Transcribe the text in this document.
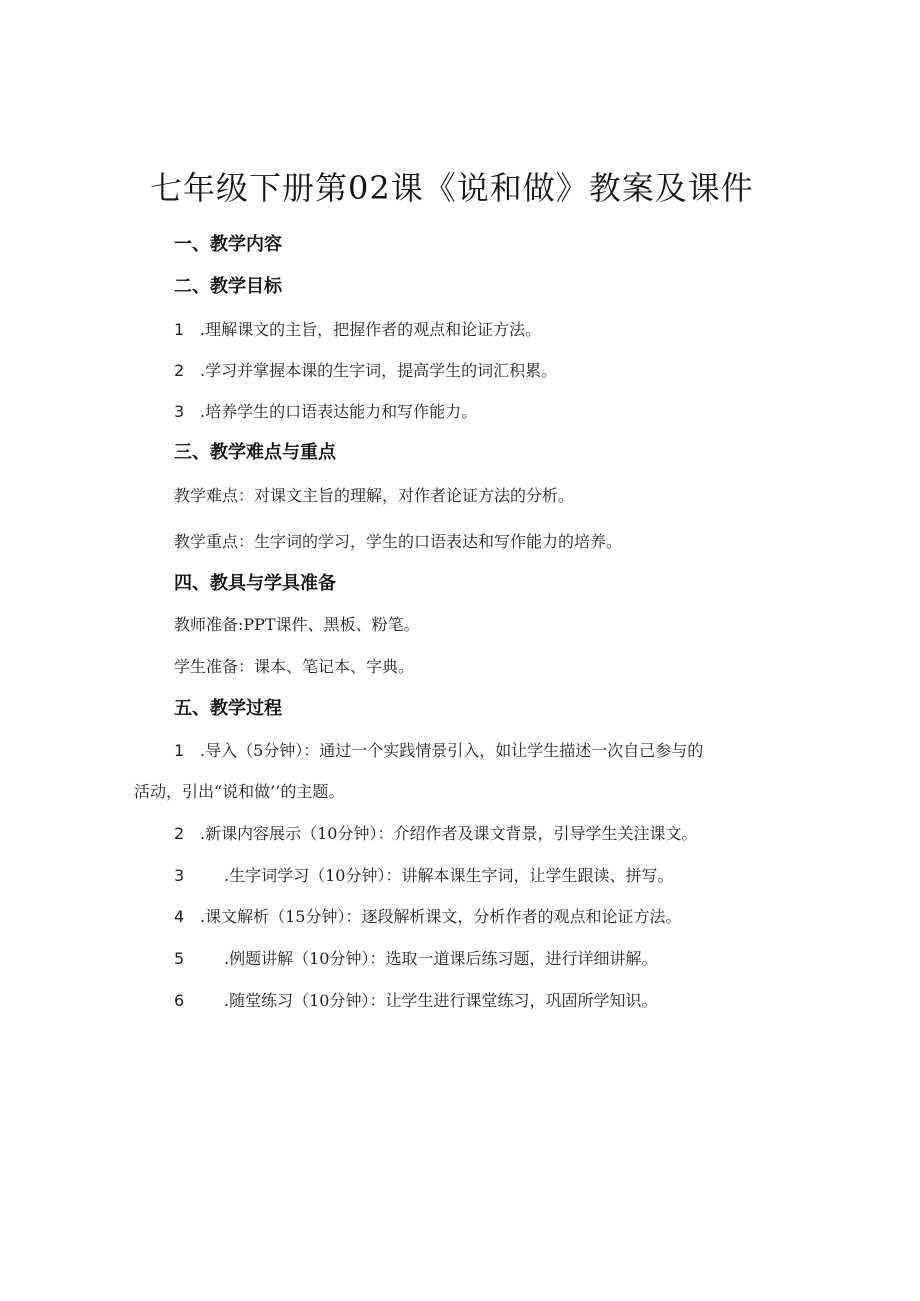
七年级下册第02课《说和做》教案及课件
一、教学内容
二、教学目标
1 .理解课文的主旨，把握作者的观点和论证方法。
2 .学习并掌握本课的生字词，提高学生的词汇积累。
3 .培养学生的口语表达能力和写作能力。
三、教学难点与重点
教学难点：对课文主旨的理解，对作者论证方法的分析。
教学重点：生字词的学习，学生的口语表达和写作能力的培养。
四、教具与学具准备
教师准备:PPT课件、黑板、粉笔。
学生准备：课本、笔记本、字典。
五、教学过程
1 .导入（5分钟）：通过一个实践情景引入，如让学生描述一次自己参与的
活动，引出“说和做’’的主题。
2 .新课内容展示（10分钟）：介绍作者及课文背景，引导学生关注课文。
3 .生字词学习（10分钟）：讲解本课生字词，让学生跟读、拼写。
4 .课文解析（15分钟）：逐段解析课文，分析作者的观点和论证方法。
5 .例题讲解（10分钟）：选取一道课后练习题，进行详细讲解。
6 .随堂练习（10分钟）：让学生进行课堂练习，巩固所学知识。
